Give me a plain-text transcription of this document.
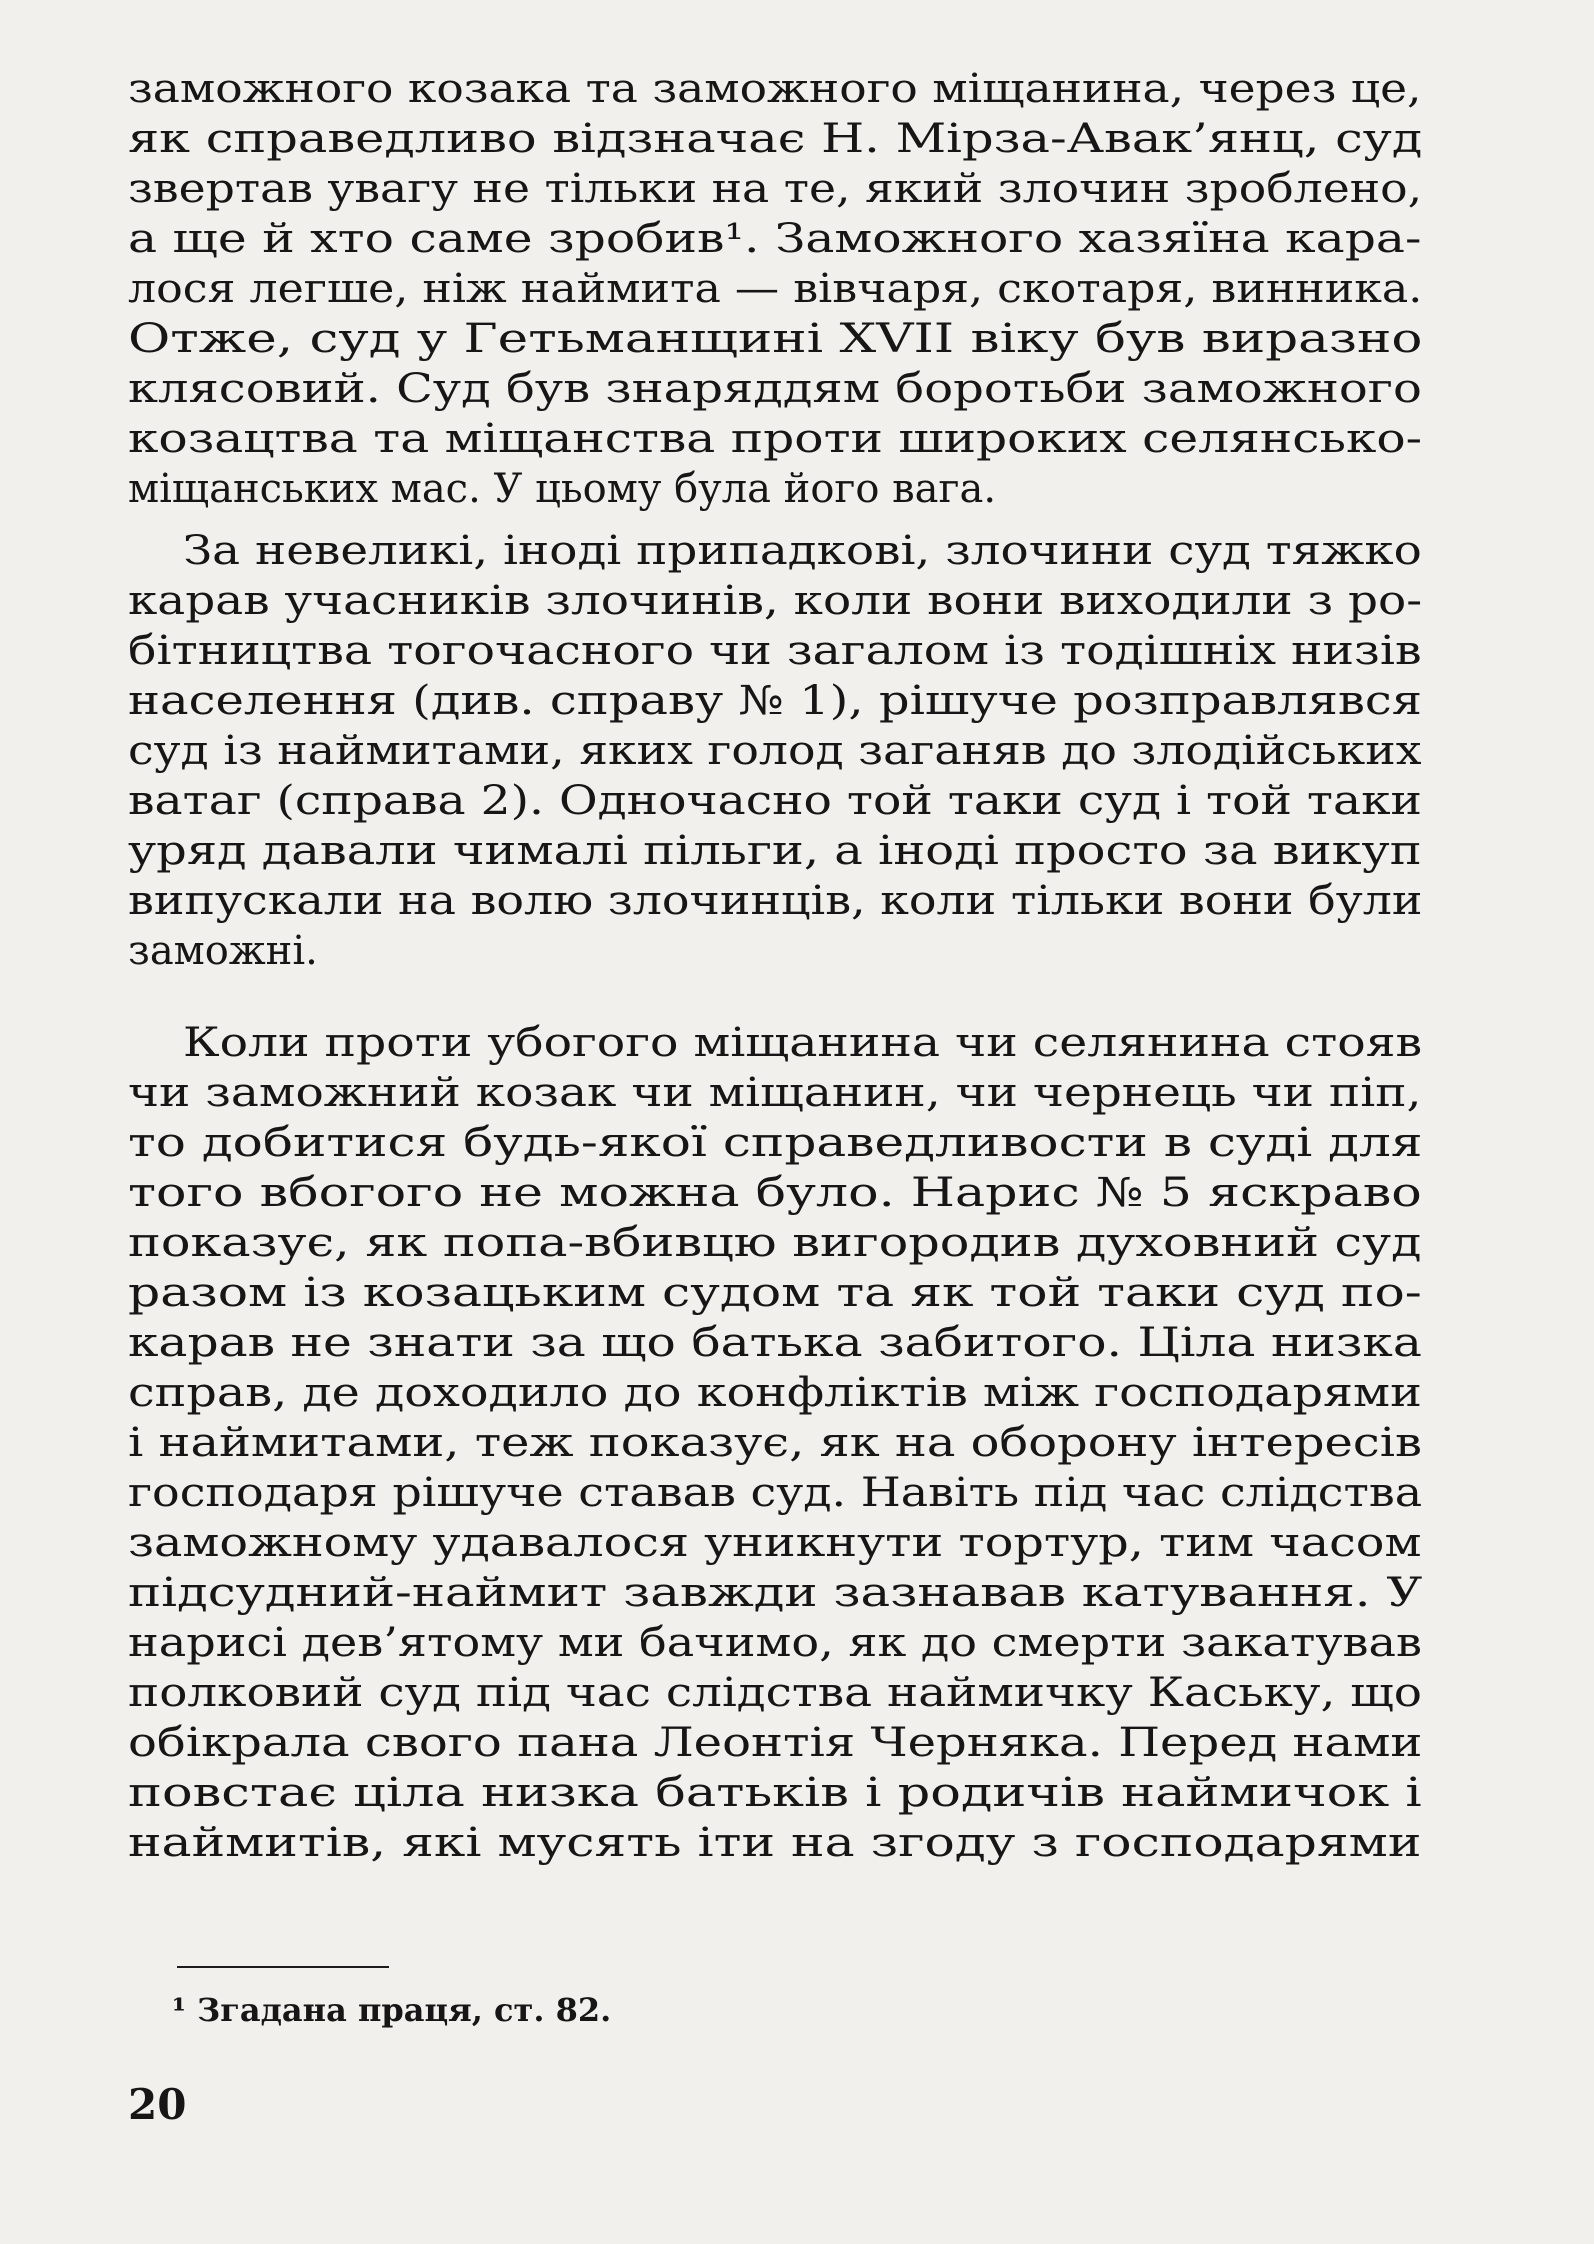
заможного козака та заможного міщанина, через це,
як справедливо відзначає Н. Мірза-Авак’янц, суд
звертав увагу не тільки на те, який злочин зроблено,
а ще й хто саме зробив¹. Заможного хазяїна кара-
лося легше, ніж наймита — вівчаря, скотаря, винника.
Отже, суд у Гетьманщині XVII віку був виразно
клясовий. Суд був знаряддям боротьби заможного
козацтва та міщанства проти широких селянсько-
міщанських мас. У цьому була його вага.
За невеликі, іноді припадкові, злочини суд тяжко
карав учасників злочинів, коли вони виходили з ро-
бітництва тогочасного чи загалом із тодішніх низів
населення (див. справу № 1), рішуче розправлявся
суд із наймитами, яких голод заганяв до злодійських
ватаг (справа 2). Одночасно той таки суд і той таки
уряд давали чималі пільги, а іноді просто за викуп
випускали на волю злочинців, коли тільки вони були
заможні.
Коли проти убогого міщанина чи селянина стояв
чи заможний козак чи міщанин, чи чернець чи піп,
то добитися будь-якої справедливости в суді для
того вбогого не можна було. Нарис № 5 яскраво
показує, як попа-вбивцю вигородив духовний суд
разом із козацьким судом та як той таки суд по-
карав не знати за що батька забитого. Ціла низка
справ, де доходило до конфліктів між господарями
і наймитами, теж показує, як на оборону інтересів
господаря рішуче ставав суд. Навіть під час слідства
заможному удавалося уникнути тортур, тим часом
підсудний-наймит завжди зазнавав катування. У
нарисі дев’ятому ми бачимо, як до смерти закатував
полковий суд під час слідства наймичку Каську, що
обікрала свого пана Леонтія Черняка. Перед нами
повстає ціла низка батьків і родичів наймичок і
наймитів, які мусять іти на згоду з господарями
¹ Згадана праця, ст. 82.
20
